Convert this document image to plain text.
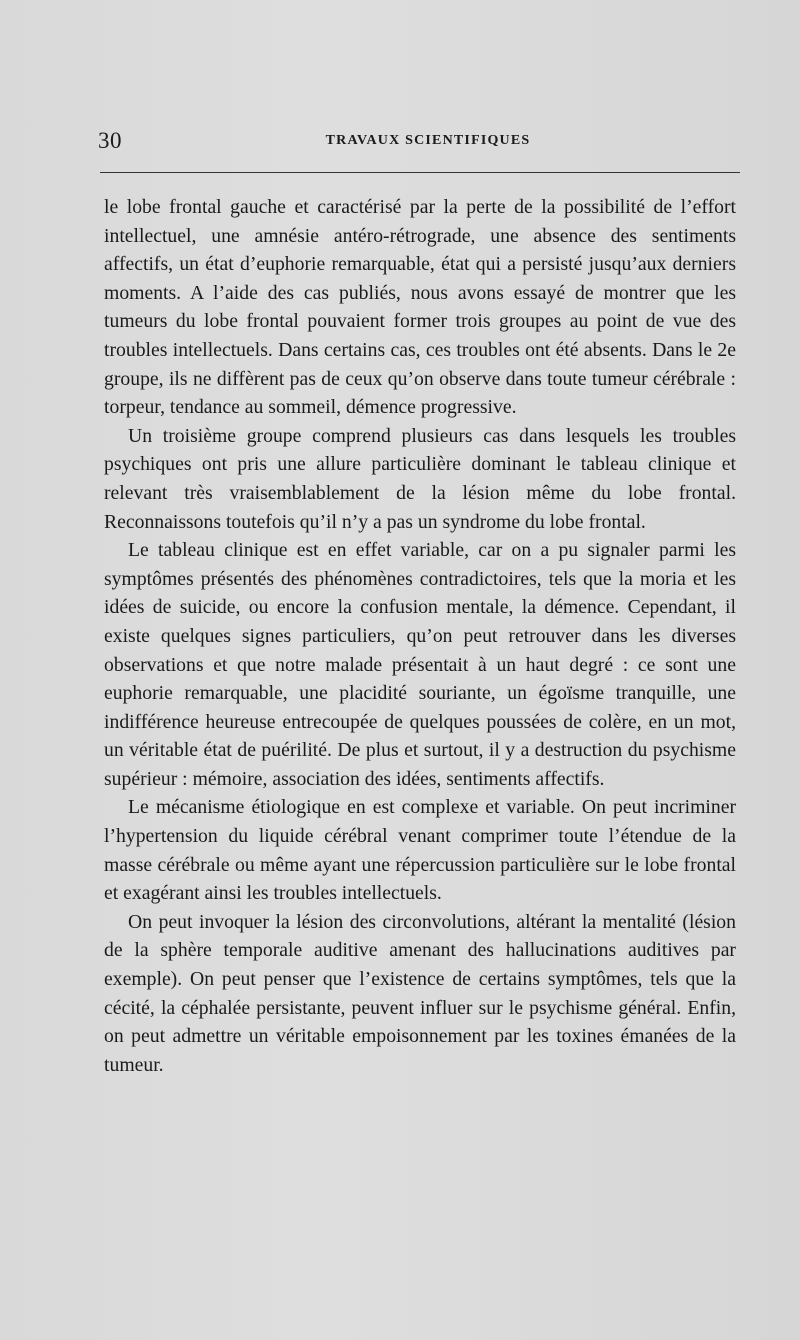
30	TRAVAUX SCIENTIFIQUES

le lobe frontal gauche et caractérisé par la perte de la possibilité de l’effort intellectuel, une amnésie antéro-rétrograde, une absence des sentiments affectifs, un état d’euphorie remarquable, état qui a persisté jusqu’aux derniers moments. A l’aide des cas publiés, nous avons essayé de montrer que les tumeurs du lobe frontal pouvaient former trois groupes au point de vue des troubles intellectuels. Dans certains cas, ces troubles ont été absents. Dans le 2e groupe, ils ne diffèrent pas de ceux qu’on observe dans toute tumeur cérébrale : torpeur, tendance au sommeil, démence progressive.

Un troisième groupe comprend plusieurs cas dans lesquels les troubles psychiques ont pris une allure particulière dominant le tableau clinique et relevant très vraisemblablement de la lésion même du lobe frontal. Reconnaissons toutefois qu’il n’y a pas un syndrome du lobe frontal.

Le tableau clinique est en effet variable, car on a pu signaler parmi les symptômes présentés des phénomènes contradictoires, tels que la moria et les idées de suicide, ou encore la confusion mentale, la démence. Cependant, il existe quelques signes particuliers, qu’on peut retrouver dans les diverses observations et que notre malade présentait à un haut degré : ce sont une euphorie remarquable, une placidité souriante, un égoïsme tranquille, une indifférence heureuse entrecoupée de quelques poussées de colère, en un mot, un véritable état de puérilité. De plus et surtout, il y a destruction du psychisme supérieur : mémoire, association des idées, sentiments affectifs.

Le mécanisme étiologique en est complexe et variable. On peut incriminer l’hypertension du liquide cérébral venant comprimer toute l’étendue de la masse cérébrale ou même ayant une répercussion particulière sur le lobe frontal et exagérant ainsi les troubles intellectuels.

On peut invoquer la lésion des circonvolutions, altérant la mentalité (lésion de la sphère temporale auditive amenant des hallucinations auditives par exemple). On peut penser que l’existence de certains symptômes, tels que la cécité, la céphalée persistante, peuvent influer sur le psychisme général. Enfin, on peut admettre un véritable empoisonnement par les toxines émanées de la tumeur.
